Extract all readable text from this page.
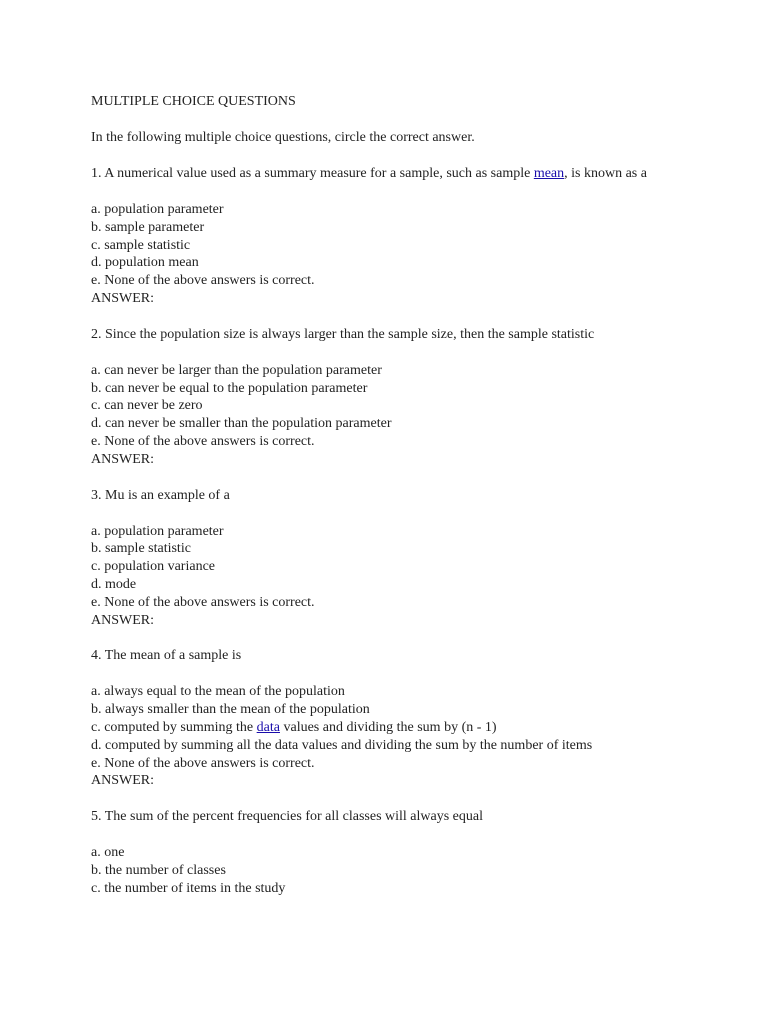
MULTIPLE CHOICE QUESTIONS

In the following multiple choice questions, circle the correct answer.

1. A numerical value used as a summary measure for a sample, such as sample mean, is known as a

a. population parameter
b. sample parameter
c. sample statistic
d. population mean
e. None of the above answers is correct.
ANSWER:

2. Since the population size is always larger than the sample size, then the sample statistic

a. can never be larger than the population parameter
b. can never be equal to the population parameter
c. can never be zero
d. can never be smaller than the population parameter
e. None of the above answers is correct.
ANSWER:

3. Mu is an example of a

a. population parameter
b. sample statistic
c. population variance
d. mode
e. None of the above answers is correct.
ANSWER:

4. The mean of a sample is

a. always equal to the mean of the population
b. always smaller than the mean of the population
c. computed by summing the data values and dividing the sum by (n - 1)
d. computed by summing all the data values and dividing the sum by the number of items
e. None of the above answers is correct.
ANSWER:

5. The sum of the percent frequencies for all classes will always equal

a. one
b. the number of classes
c. the number of items in the study
